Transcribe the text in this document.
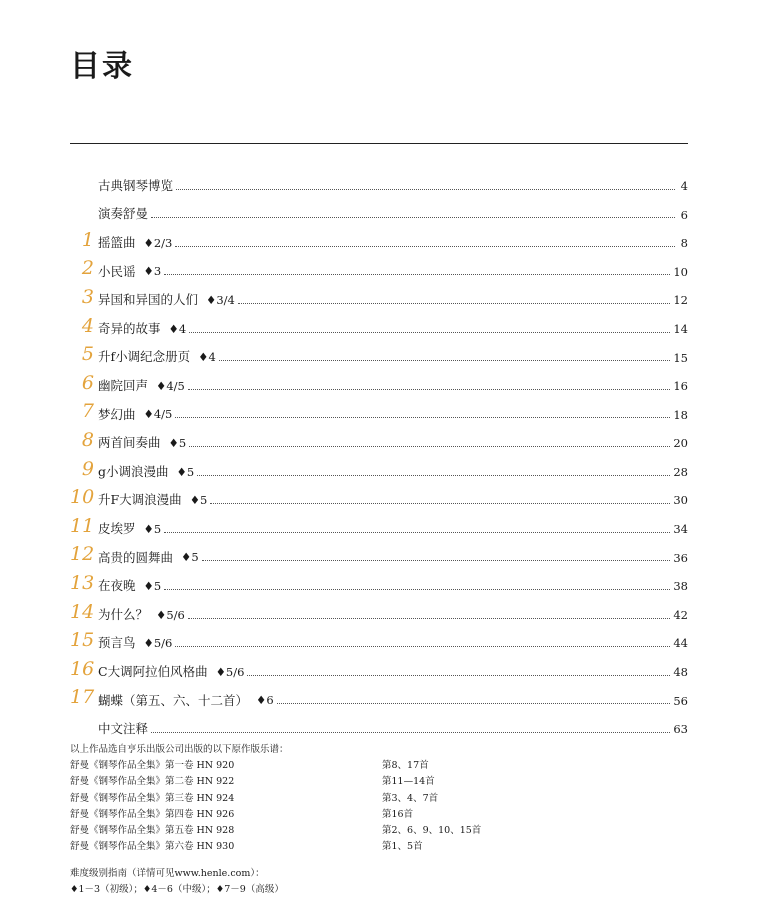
目录
古典钢琴博览	4
演奏舒曼	6
1 摇篮曲 ♦2/3	8
2 小民谣 ♦3	10
3 异国和异国的人们 ♦3/4	12
4 奇异的故事 ♦4	14
5 升f小调纪念册页 ♦4	15
6 幽院回声 ♦4/5	16
7 梦幻曲 ♦4/5	18
8 两首间奏曲 ♦5	20
9 g小调浪漫曲 ♦5	28
10 升F大调浪漫曲 ♦5	30
11 皮埃罗 ♦5	34
12 高贵的圆舞曲 ♦5	36
13 在夜晚 ♦5	38
14 为什么？ ♦5/6	42
15 预言鸟 ♦5/6	44
16 C大调阿拉伯风格曲 ♦5/6	48
17 蝴蝶（第五、六、十二首） ♦6	56
中文注释	63

以上作品选自亨乐出版公司出版的以下原作版乐谱：

舒曼《钢琴作品全集》第一卷 HN 920	第8、17首
舒曼《钢琴作品全集》第二卷 HN 922	第11—14首
舒曼《钢琴作品全集》第三卷 HN 924	第3、4、7首
舒曼《钢琴作品全集》第四卷 HN 926	第16首
舒曼《钢琴作品全集》第五卷 HN 928	第2、6、9、10、15首
舒曼《钢琴作品全集》第六卷 HN 930	第1、5首

难度级别指南（详情可见www.henle.com）：

♦1－3（初级）；♦4－6（中级）；♦7－9（高级）
